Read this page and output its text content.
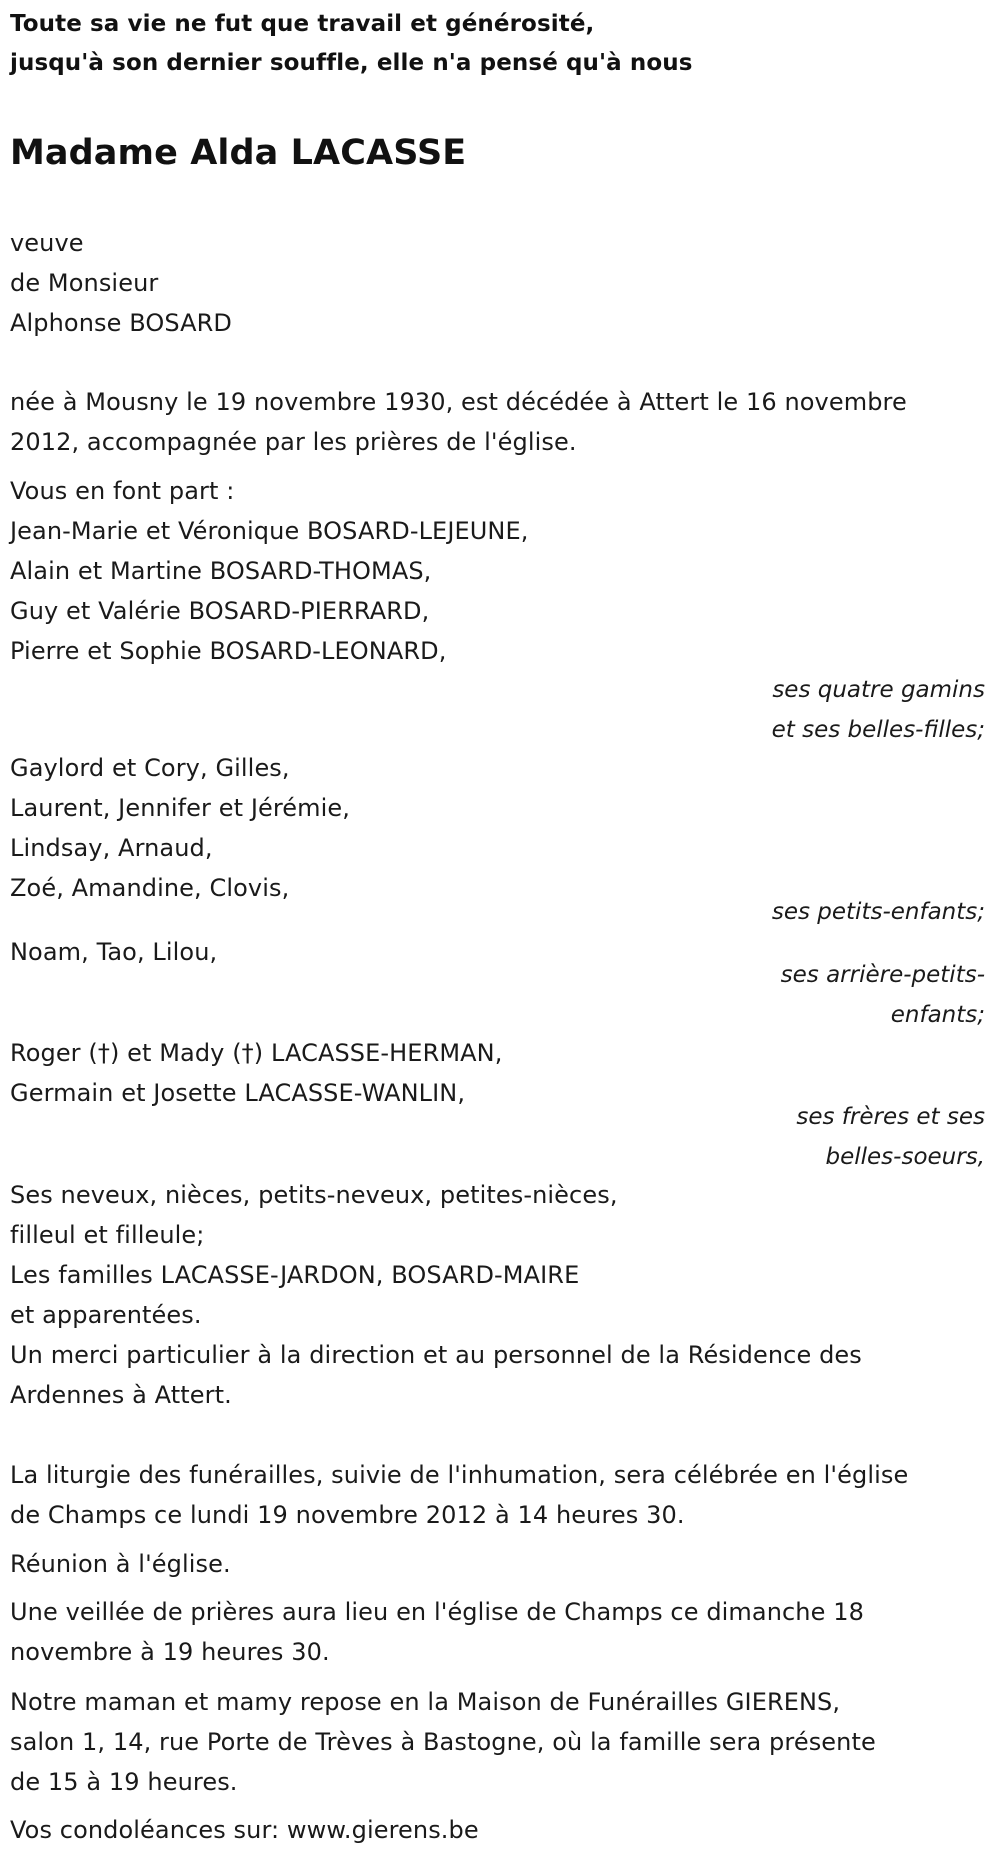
Toute sa vie ne fut que travail et générosité,
jusqu'à son dernier souffle, elle n'a pensé qu'à nous
Madame Alda LACASSE
veuve
de Monsieur
Alphonse BOSARD
née à Mousny le 19 novembre 1930, est décédée à Attert le 16 novembre
2012, accompagnée par les prières de l'église.
Vous en font part :
Jean-Marie et Véronique BOSARD-LEJEUNE,
Alain et Martine BOSARD-THOMAS,
Guy et Valérie BOSARD-PIERRARD,
Pierre et Sophie BOSARD-LEONARD,
ses quatre gamins
et ses belles-filles;
Gaylord et Cory, Gilles,
Laurent, Jennifer et Jérémie,
Lindsay, Arnaud,
Zoé, Amandine, Clovis,
ses petits-enfants;
Noam, Tao, Lilou,
ses arrière-petits-
enfants;
Roger (†) et Mady (†) LACASSE-HERMAN,
Germain et Josette LACASSE-WANLIN,
ses frères et ses
belles-soeurs,
Ses neveux, nièces, petits-neveux, petites-nièces,
filleul et filleule;
Les familles LACASSE-JARDON, BOSARD-MAIRE
et apparentées.
Un merci particulier à la direction et au personnel de la Résidence des
Ardennes à Attert.
La liturgie des funérailles, suivie de l'inhumation, sera célébrée en l'église
de Champs ce lundi 19 novembre 2012 à 14 heures 30.
Réunion à l'église.
Une veillée de prières aura lieu en l'église de Champs ce dimanche 18
novembre à 19 heures 30.
Notre maman et mamy repose en la Maison de Funérailles GIERENS,
salon 1, 14, rue Porte de Trèves à Bastogne, où la famille sera présente
de 15 à 19 heures.
Vos condoléances sur: www.gierens.be
